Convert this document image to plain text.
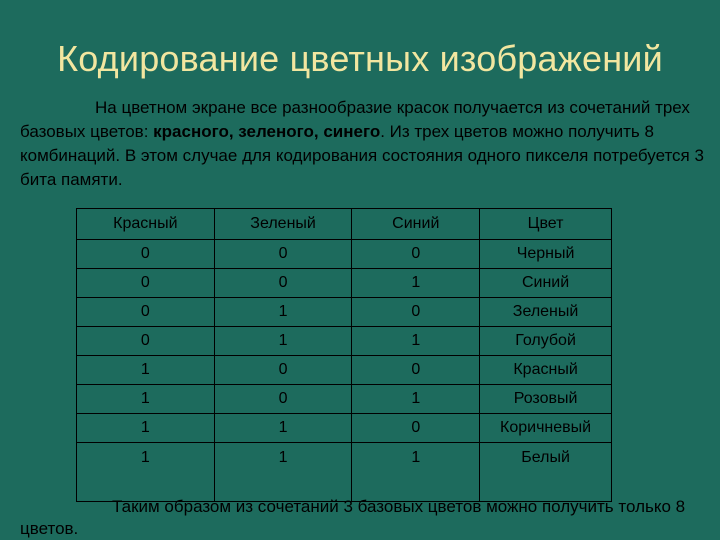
Кодирование цветных изображений
На цветном экране все разнообразие красок получается из сочетаний трех базовых цветов: красного, зеленого, синего. Из трех цветов можно получить 8 комбинаций. В этом случае для кодирования состояния одного пикселя потребуется 3 бита памяти.
Красный	Зеленый	Синий	Цвет
0	0	0	Черный
0	0	1	Синий
0	1	0	Зеленый
0	1	1	Голубой
1	0	0	Красный
1	0	1	Розовый
1	1	0	Коричневый
1	1	1	Белый
Таким образом из сочетаний 3 базовых цветов можно получить только 8 цветов.
